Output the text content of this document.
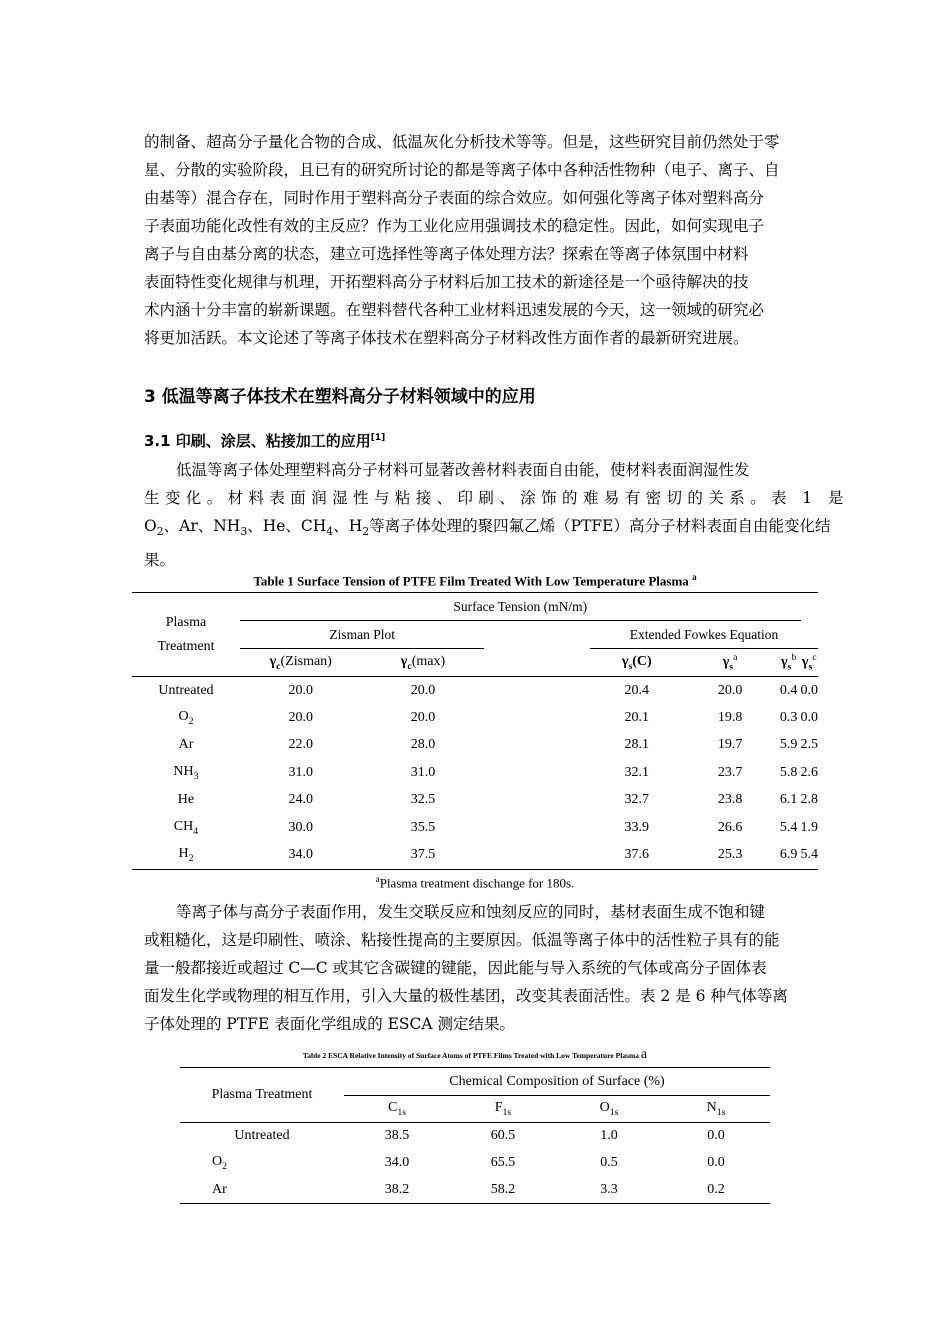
的制备、超高分子量化合物的合成、低温灰化分析技术等等。但是，这些研究目前仍然处于零
星、分散的实验阶段，且已有的研究所讨论的都是等离子体中各种活性物种（电子、离子、自
由基等）混合存在，同时作用于塑料高分子表面的综合效应。如何强化等离子体对塑料高分
子表面功能化改性有效的主反应？作为工业化应用强调技术的稳定性。因此，如何实现电子
离子与自由基分离的状态，建立可选择性等离子体处理方法？探索在等离子体氛围中材料
表面特性变化规律与机理，开拓塑料高分子材料后加工技术的新途径是一个亟待解决的技
术内涵十分丰富的崭新课题。在塑料替代各种工业材料迅速发展的今天，这一领域的研究必
将更加活跃。本文论述了等离子体技术在塑料高分子材料改性方面作者的最新研究进展。

3 低温等离子体技术在塑料高分子材料领域中的应用
3.1 印刷、涂层、粘接加工的应用[1]

低温等离子体处理塑料高分子材料可显著改善材料表面自由能，使材料表面润湿性发
生变化。材料表面润湿性与粘接、印刷、涂饰的难易有密切的关系。表 1 是
$O_2$、Ar、$NH_3$、He、$CH_4$、$H_2$等离子体处理的聚四氟乙烯（PTFE）高分子材料表面自由能变化结
果。

Table 1 Surface Tension of PTFE Film Treated With Low Temperature Plasma $^a$

Plasma
Treatment	Surface Tension (mN/m)						
	Zisman Plot			Extended Fowkes Equation			
	$\gamma_c(Zisman)$	$\gamma_c(\max)$		$\gamma_s(C)$	$\gamma_s^a$	$\gamma_s^b$	$\gamma_s^c$
Untreated	20.0	20.0		20.4	20.0	0.4	0.0
$O_2$	20.0	20.0		20.1	19.8	0.3	0.0
Ar	22.0	28.0		28.1	19.7	5.9	2.5
$NH_3$	31.0	31.0		32.1	23.7	5.8	2.6
He	24.0	32.5		32.7	23.8	6.1	2.8
$CH_4$	30.0	35.5		33.9	26.6	5.4	1.9
$H_2$	34.0	37.5		37.6	25.3	6.9	5.4

$^a$Plasma treatment dischange for 180s.

等离子体与高分子表面作用，发生交联反应和蚀刻反应的同时，基材表面生成不饱和键
或粗糙化，这是印刷性、喷涂、粘接性提高的主要原因。低温等离子体中的活性粒子具有的能
量一般都接近或超过 C—C 或其它含碳键的键能，因此能与导入系统的气体或高分子固体表
面发生化学或物理的相互作用，引入大量的极性基团，改变其表面活性。表 2 是 6 种气体等离
子体处理的 PTFE 表面化学组成的 ESCA 测定结果。

Table 2 ESCA Relative Intensity of Surface Atoms of PTFE Films Treated with Low Temperature Plasma a

Plasma Treatment	Chemical Composition of Surface (%)			
	$C_{1s}$	$F_{1s}$	$O_{1s}$	$N_{1s}$
Untreated	38.5	60.5	1.0	0.0
$O_2$	34.0	65.5	0.5	0.0
Ar	38.2	58.2	3.3	0.2
